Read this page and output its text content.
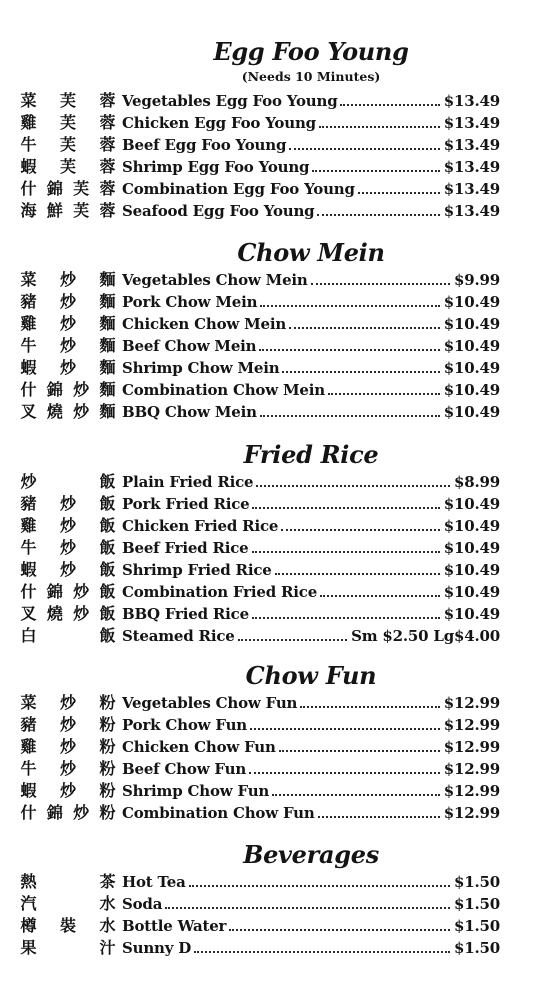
Egg Foo Young
(Needs 10 Minutes)
菜 芙 蓉 Vegetables Egg Foo Young	$13.49
雞 芙 蓉 Chicken Egg Foo Young	$13.49
牛 芙 蓉 Beef Egg Foo Young	$13.49
蝦 芙 蓉 Shrimp Egg Foo Young	$13.49
什 錦 芙 蓉 Combination Egg Foo Young	$13.49
海 鮮 芙 蓉 Seafood Egg Foo Young	$13.49
Chow Mein
菜 炒 麵 Vegetables Chow Mein	$9.99
豬 炒 麵 Pork Chow Mein	$10.49
雞 炒 麵 Chicken Chow Mein	$10.49
牛 炒 麵 Beef Chow Mein	$10.49
蝦 炒 麵 Shrimp Chow Mein	$10.49
什 錦 炒 麵 Combination Chow Mein	$10.49
叉 燒 炒 麵 BBQ Chow Mein	$10.49
Fried Rice
炒	飯 Plain Fried Rice	$8.99
豬 炒 飯 Pork Fried Rice	$10.49
雞 炒 飯 Chicken Fried Rice	$10.49
牛 炒 飯 Beef Fried Rice	$10.49
蝦 炒 飯 Shrimp Fried Rice	$10.49
什 錦 炒 飯 Combination Fried Rice	$10.49
叉 燒 炒 飯 BBQ Fried Rice	$10.49
白	飯 Steamed Rice	Sm $2.50 Lg$4.00
Chow Fun
菜 炒 粉 Vegetables Chow Fun	$12.99
豬 炒 粉 Pork Chow Fun	$12.99
雞 炒 粉 Chicken Chow Fun	$12.99
牛 炒 粉 Beef Chow Fun	$12.99
蝦 炒 粉 Shrimp Chow Fun	$12.99
什 錦 炒 粉 Combination Chow Fun	$12.99
Beverages
熱	茶 Hot Tea	$1.50
汽	水 Soda	$1.50
樽 裝 水 Bottle Water	$1.50
果	汁 Sunny D	$1.50
